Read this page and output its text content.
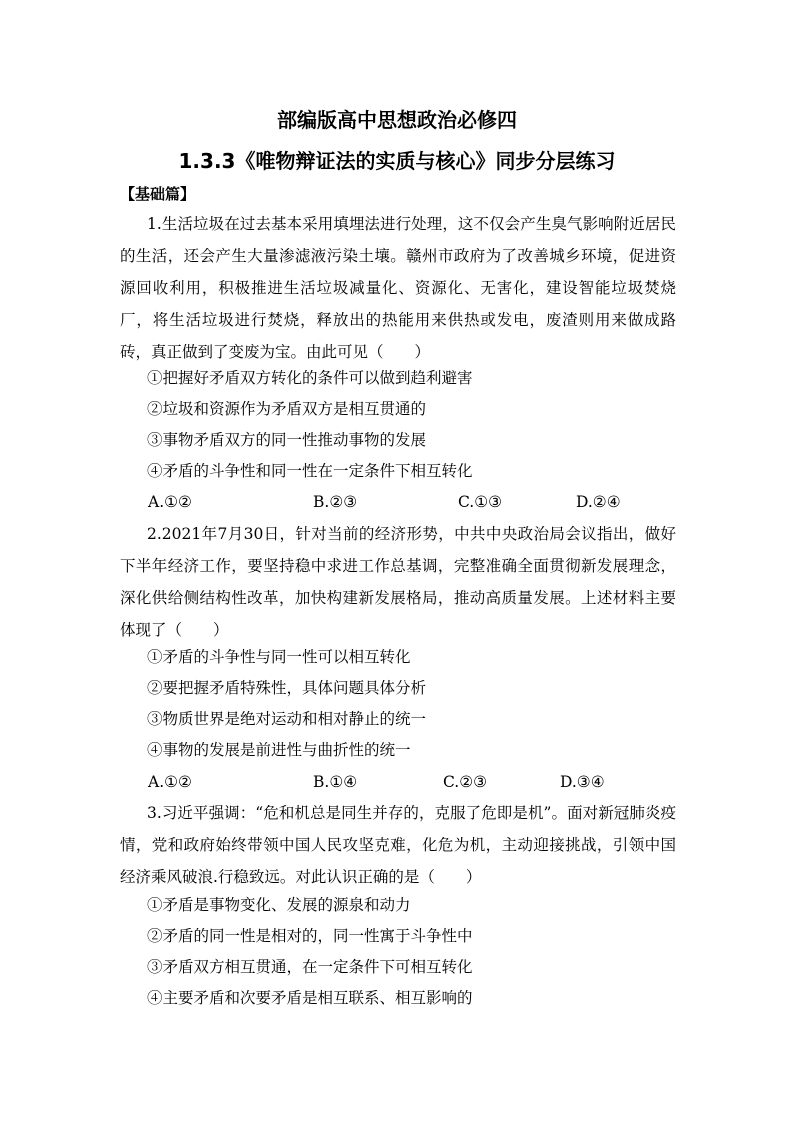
部编版高中思想政治必修四
1.3.3《唯物辩证法的实质与核心》同步分层练习
【基础篇】
1.生活垃圾在过去基本采用填埋法进行处理，这不仅会产生臭气影响附近居民的生活，还会产生大量渗滤液污染土壤。赣州市政府为了改善城乡环境，促进资源回收利用，积极推进生活垃圾减量化、资源化、无害化，建设智能垃圾焚烧厂，将生活垃圾进行焚烧，释放出的热能用来供热或发电，废渣则用来做成路砖，真正做到了变废为宝。由此可见（　　）
①把握好矛盾双方转化的条件可以做到趋利避害
②垃圾和资源作为矛盾双方是相互贯通的
③事物矛盾双方的同一性推动事物的发展
④矛盾的斗争性和同一性在一定条件下相互转化
A.①②	B.②③	C.①③	D.②④
2.2021年7月30日，针对当前的经济形势，中共中央政治局会议指出，做好下半年经济工作，要坚持稳中求进工作总基调，完整准确全面贯彻新发展理念，深化供给侧结构性改革，加快构建新发展格局，推动高质量发展。上述材料主要体现了（　　）
①矛盾的斗争性与同一性可以相互转化
②要把握矛盾特殊性，具体问题具体分析
③物质世界是绝对运动和相对静止的统一
④事物的发展是前进性与曲折性的统一
A.①②	B.①④	C.②③	D.③④
3.习近平强调：“危和机总是同生并存的，克服了危即是机”。面对新冠肺炎疫情，党和政府始终带领中国人民攻坚克难，化危为机，主动迎接挑战，引领中国经济乘风破浪.行稳致远。对此认识正确的是（　　）
①矛盾是事物变化、发展的源泉和动力
②矛盾的同一性是相对的，同一性寓于斗争性中
③矛盾双方相互贯通，在一定条件下可相互转化
④主要矛盾和次要矛盾是相互联系、相互影响的
